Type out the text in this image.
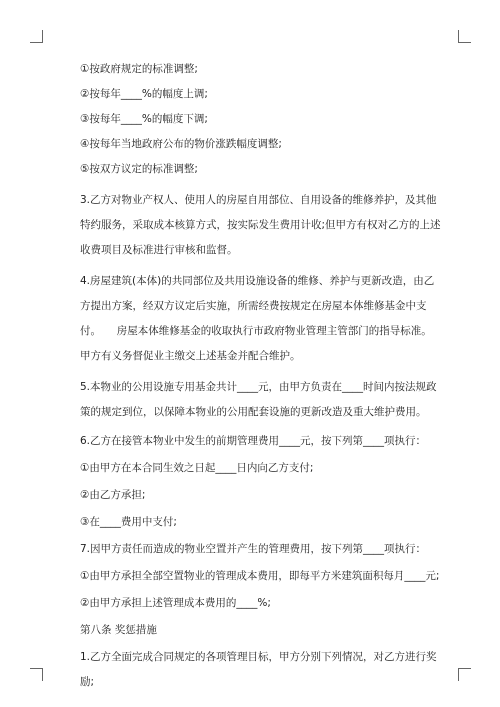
①按政府规定的标准调整;
②按每年____%的幅度上调;
③按每年____%的幅度下调;
④按每年当地政府公布的物价涨跌幅度调整;
⑤按双方议定的标准调整;

3.乙方对物业产权人、使用人的房屋自用部位、自用设备的维修养护，及其他特约服务，采取成本核算方式，按实际发生费用计收;但甲方有权对乙方的上述收费项目及标准进行审核和监督。

4.房屋建筑(本体)的共同部位及共用设施设备的维修、养护与更新改造，由乙方提出方案，经双方议定后实施，所需经费按规定在房屋本体维修基金中支付。　　房屋本体维修基金的收取执行市政府物业管理主管部门的指导标准。　　甲方有义务督促业主缴交上述基金并配合维护。

5.本物业的公用设施专用基金共计____元，由甲方负责在____时间内按法规政策的规定到位，以保障本物业的公用配套设施的更新改造及重大维护费用。

6.乙方在接管本物业中发生的前期管理费用____元，按下列第____项执行：

①由甲方在本合同生效之日起____日内向乙方支付;

②由乙方承担;

③在____费用中支付;

7.因甲方责任而造成的物业空置并产生的管理费用，按下列第____项执行：

①由甲方承担全部空置物业的管理成本费用，即每平方米建筑面积每月____元;

②由甲方承担上述管理成本费用的____%;

第八条 奖惩措施

1.乙方全面完成合同规定的各项管理目标，甲方分别下列情况，对乙方进行奖励;
